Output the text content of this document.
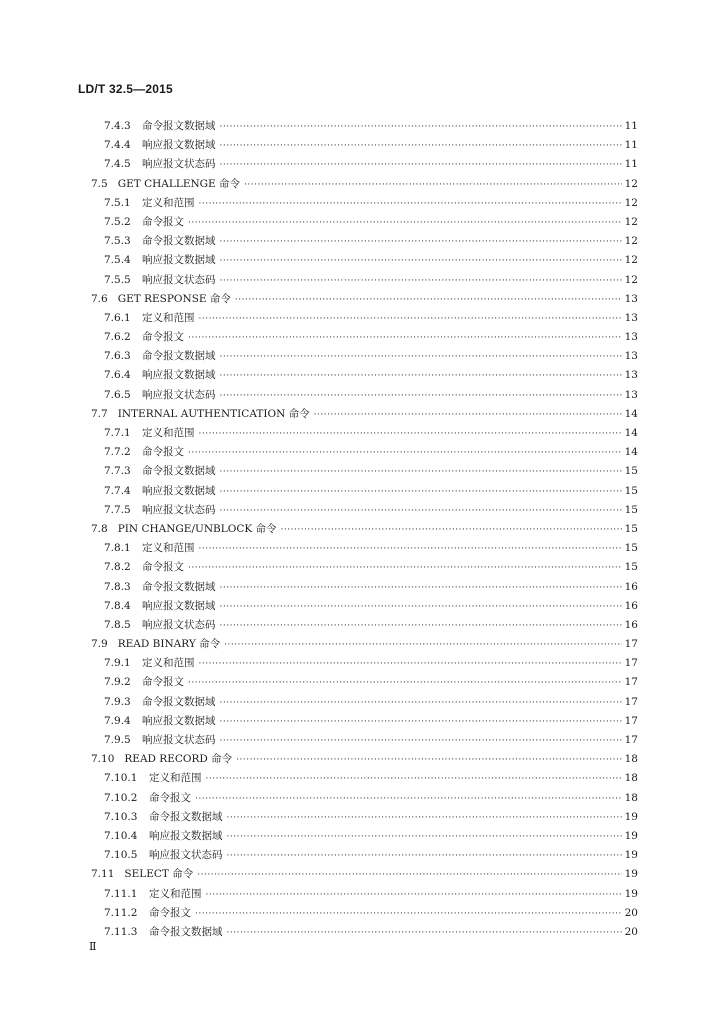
LD/T 32.5—2015
7.4.3	命令报文数据域 ·····	11
7.4.4	响应报文数据域 ·····	11
7.4.5	响应报文状态码 ·····	11
7.5 GET CHALLENGE 命令 ·····	12
7.5.1	定义和范围 ·····	12
7.5.2	命令报文 ·····	12
7.5.3	命令报文数据域 ·····	12
7.5.4	响应报文数据域 ·····	12
7.5.5	响应报文状态码 ·····	12
7.6 GET RESPONSE 命令 ·····	13
7.6.1	定义和范围 ·····	13
7.6.2	命令报文 ·····	13
7.6.3	命令报文数据域 ·····	13
7.6.4	响应报文数据域 ·····	13
7.6.5	响应报文状态码 ·····	13
7.7 INTERNAL AUTHENTICATION 命令 ·····	14
7.7.1	定义和范围 ·····	14
7.7.2	命令报文 ·····	14
7.7.3	命令报文数据域 ·····	15
7.7.4	响应报文数据域 ·····	15
7.7.5	响应报文状态码 ·····	15
7.8 PIN CHANGE/UNBLOCK 命令 ·····	15
7.8.1	定义和范围 ·····	15
7.8.2	命令报文 ·····	15
7.8.3	命令报文数据域 ·····	16
7.8.4	响应报文数据域 ·····	16
7.8.5	响应报文状态码 ·····	16
7.9 READ BINARY 命令 ·····	17
7.9.1	定义和范围 ·····	17
7.9.2	命令报文 ·····	17
7.9.3	命令报文数据域 ·····	17
7.9.4	响应报文数据域 ·····	17
7.9.5	响应报文状态码 ·····	17
7.10 READ RECORD 命令 ·····	18
7.10.1	定义和范围 ·····	18
7.10.2	命令报文 ·····	18
7.10.3	命令报文数据域 ·····	19
7.10.4	响应报文数据域 ·····	19
7.10.5	响应报文状态码 ·····	19
7.11 SELECT 命令 ·····	19
7.11.1	定义和范围 ·····	19
7.11.2	命令报文 ·····	20
7.11.3	命令报文数据域 ·····	20
Ⅱ
